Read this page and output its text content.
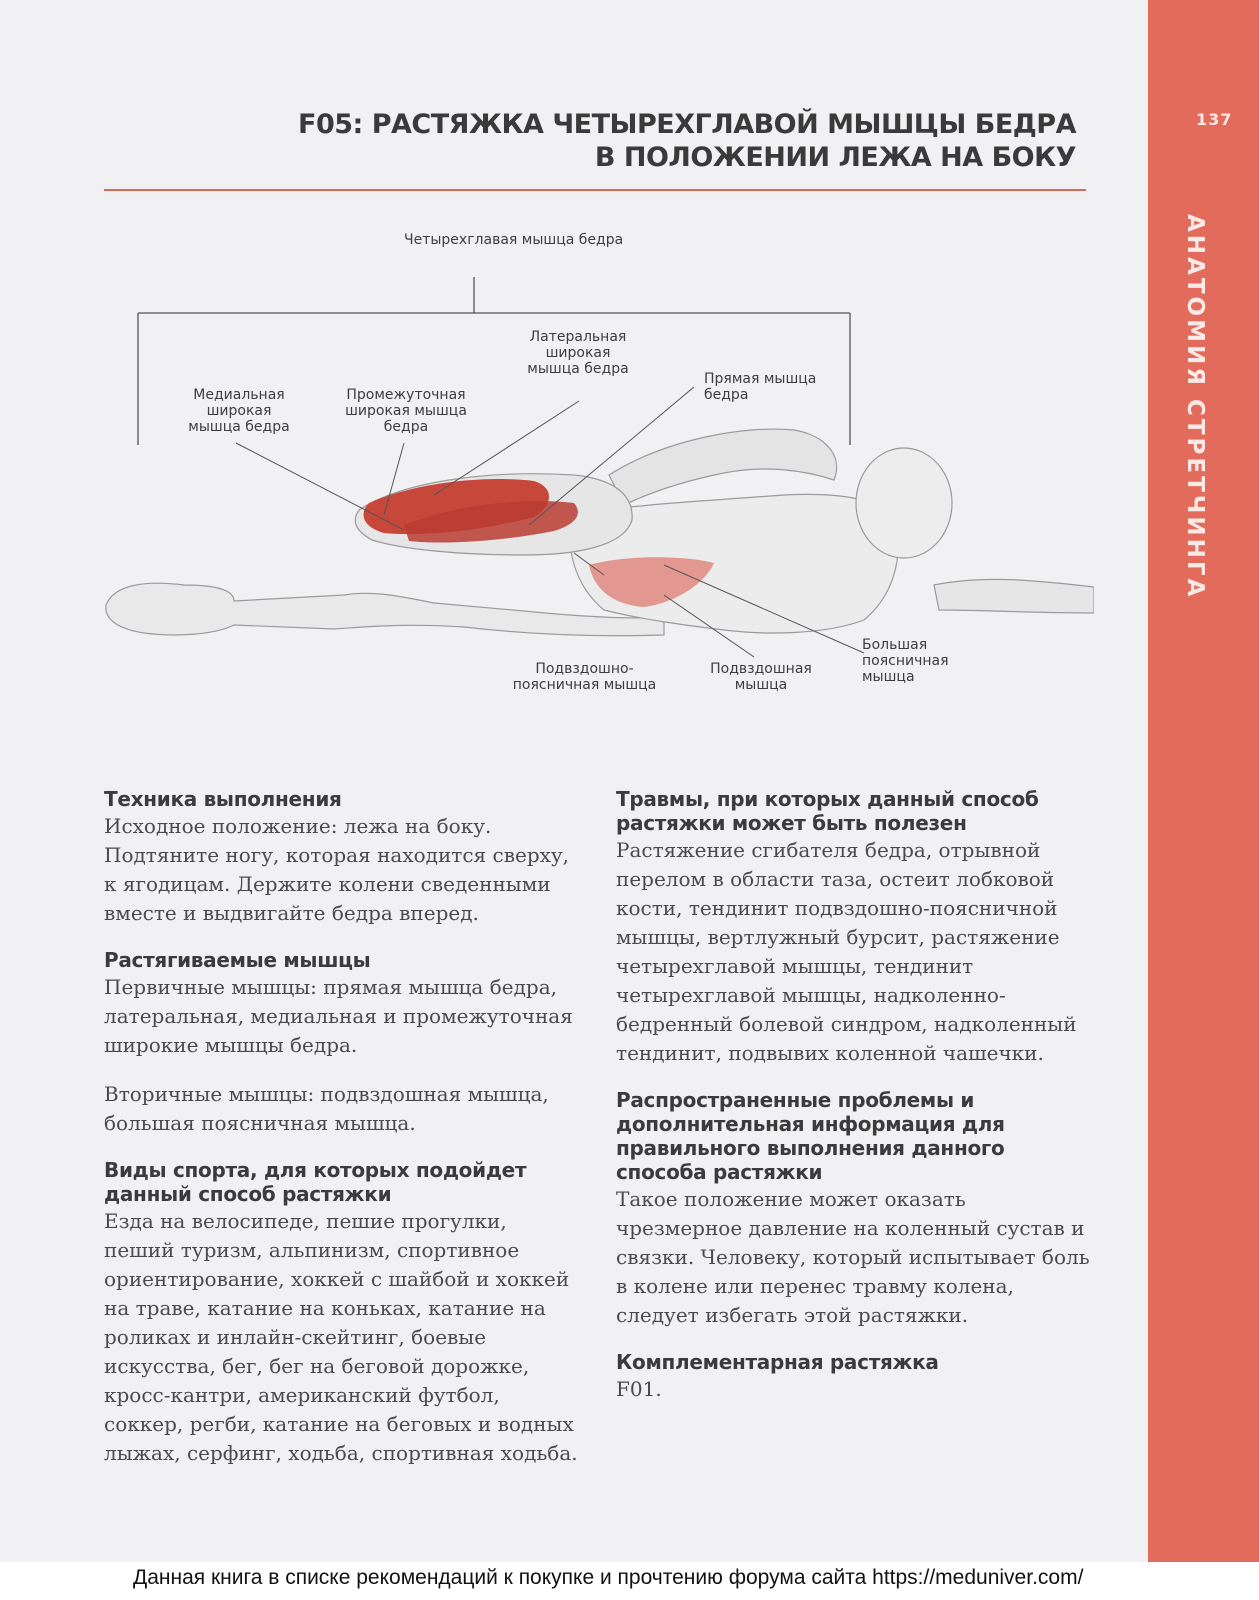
137
АНАТОМИЯ СТРЕТЧИНГА
F05: РАСТЯЖКА ЧЕТЫРЕХГЛАВОЙ МЫШЦЫ БЕДРА
В ПОЛОЖЕНИИ ЛЕЖА НА БОКУ
Четырехглавая мышца бедра
Медиальная широкая мышца бедра
Промежуточная широкая мышца бедра
Латеральная широкая мышца бедра
Прямая мышца бедра
Подвздошно-поясничная мышца
Подвздошная мышца
Большая поясничная мышца
Техника выполнения

Исходное положение: лежа на боку. Подтяните ногу, которая находится сверху, к ягодицам. Держите колени сведенными вместе и выдвигайте бедра вперед.

Растягиваемые мышцы

Первичные мышцы: прямая мышца бедра, латеральная, медиальная и промежуточная широкие мышцы бедра.

Вторичные мышцы: подвздошная мышца, большая поясничная мышца.

Виды спорта, для которых подойдет данный способ растяжки

Езда на велосипеде, пешие прогулки, пеший туризм, альпинизм, спортивное ориентирование, хоккей с шайбой и хоккей на траве, катание на коньках, катание на роликах и инлайн-скейтинг, боевые искусства, бег, бег на беговой дорожке, кросс-кантри, американский футбол, соккер, регби, катание на беговых и водных лыжах, серфинг, ходьба, спортивная ходьба.

Травмы, при которых данный способ растяжки может быть полезен

Растяжение сгибателя бедра, отрывной перелом в области таза, остеит лобковой кости, тендинит подвздошно-поясничной мышцы, вертлужный бурсит, растяжение четырехглавой мышцы, тендинит четырехглавой мышцы, надколенно-бедренный болевой синдром, надколенный тендинит, подвывих коленной чашечки.

Распространенные проблемы и дополнительная информация для правильного выполнения данного способа растяжки

Такое положение может оказать чрезмерное давление на коленный сустав и связки. Человеку, который испытывает боль в колене или перенес травму колена, следует избегать этой растяжки.

Комплементарная растяжка

F01.

Данная книга в списке рекомендаций к покупке и прочтению форума сайта https://meduniver.com/
